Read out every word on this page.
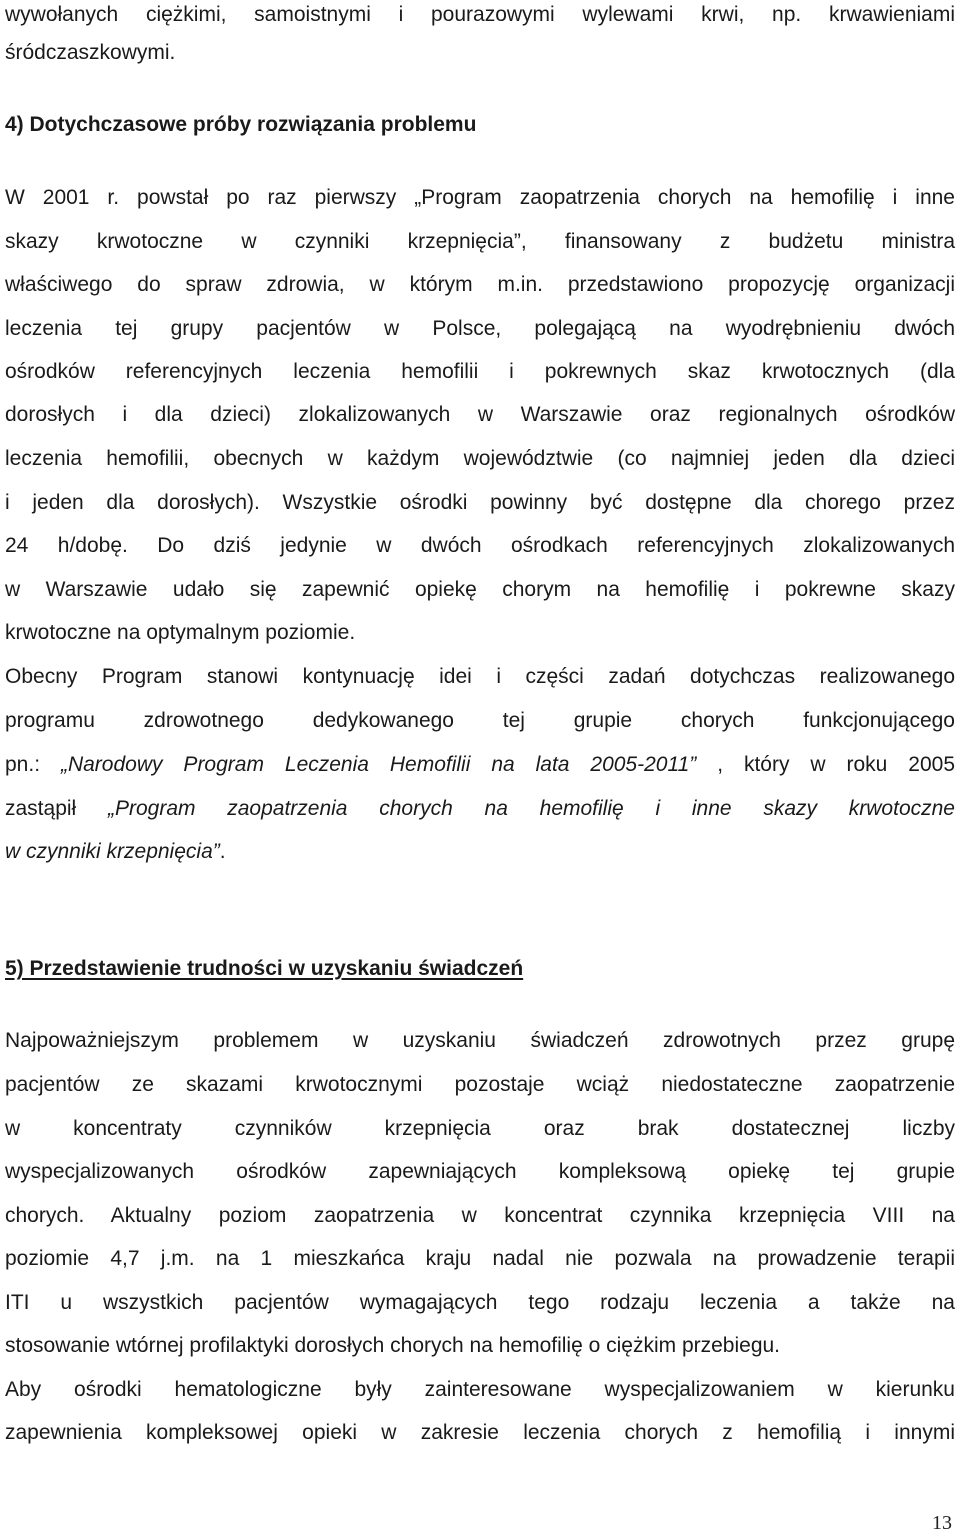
wywołanych ciężkimi, samoistnymi i pourazowymi wylewami krwi, np. krwawieniami
śródczaszkowymi.
4) Dotychczasowe próby rozwiązania problemu
W 2001 r. powstał po raz pierwszy „Program zaopatrzenia chorych na hemofilię i inne
skazy krwotoczne w czynniki krzepnięcia”, finansowany z budżetu ministra
właściwego do spraw zdrowia, w którym m.in. przedstawiono propozycję organizacji
leczenia tej grupy pacjentów w Polsce, polegającą na wyodrębnieniu dwóch
ośrodków referencyjnych leczenia hemofilii i pokrewnych skaz krwotocznych (dla
dorosłych i dla dzieci) zlokalizowanych w Warszawie oraz regionalnych ośrodków
leczenia hemofilii, obecnych w każdym województwie (co najmniej jeden dla dzieci
i jeden dla dorosłych). Wszystkie ośrodki powinny być dostępne dla chorego przez
24 h/dobę. Do dziś jedynie w dwóch ośrodkach referencyjnych zlokalizowanych
w Warszawie udało się zapewnić opiekę chorym na hemofilię i pokrewne skazy
krwotoczne na optymalnym poziomie.
Obecny Program stanowi kontynuację idei i części zadań dotychczas realizowanego
programu zdrowotnego dedykowanego tej grupie chorych funkcjonującego
pn.: „Narodowy Program Leczenia Hemofilii na lata 2005-2011” , który w roku 2005
zastąpił „Program zaopatrzenia chorych na hemofilię i inne skazy krwotoczne
w czynniki krzepnięcia”.
5) Przedstawienie trudności w uzyskaniu świadczeń
Najpoważniejszym problemem w uzyskaniu świadczeń zdrowotnych przez grupę
pacjentów ze skazami krwotocznymi pozostaje wciąż niedostateczne zaopatrzenie
w koncentraty czynników krzepnięcia oraz brak dostatecznej liczby
wyspecjalizowanych ośrodków zapewniających kompleksową opiekę tej grupie
chorych. Aktualny poziom zaopatrzenia w koncentrat czynnika krzepnięcia VIII na
poziomie 4,7 j.m. na 1 mieszkańca kraju nadal nie pozwala na prowadzenie terapii
ITI u wszystkich pacjentów wymagających tego rodzaju leczenia a także na
stosowanie wtórnej profilaktyki dorosłych chorych na hemofilię o ciężkim przebiegu.
Aby ośrodki hematologiczne były zainteresowane wyspecjalizowaniem w kierunku
zapewnienia kompleksowej opieki w zakresie leczenia chorych z hemofilią i innymi
13
